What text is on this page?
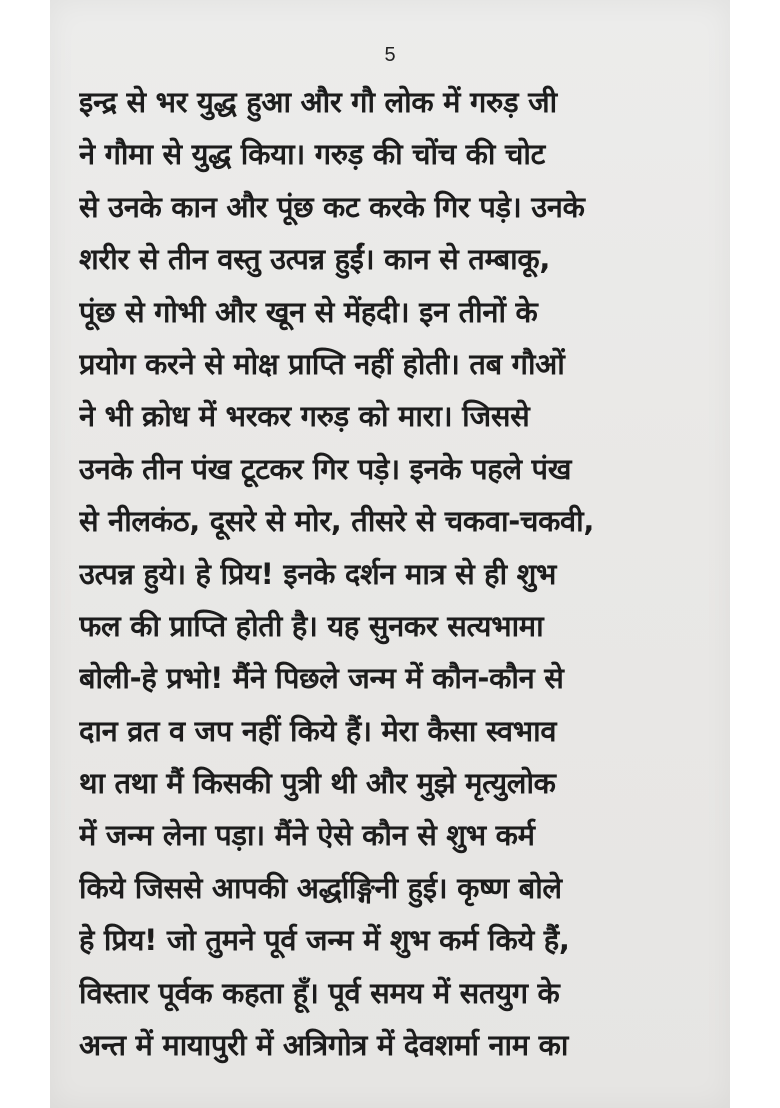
5
इन्द्र से भर युद्ध हुआ और गौ लोक में गरुड़ जी
ने गौमा से युद्ध किया। गरुड़ की चोंच की चोट
से उनके कान और पूंछ कट करके गिर पड़े। उनके
शरीर से तीन वस्तु उत्पन्न हुईं। कान से तम्बाकू,
पूंछ से गोभी और खून से मेंहदी। इन तीनों के
प्रयोग करने से मोक्ष प्राप्ति नहीं होती। तब गौओं
ने भी क्रोध में भरकर गरुड़ को मारा। जिससे
उनके तीन पंख टूटकर गिर पड़े। इनके पहले पंख
से नीलकंठ, दूसरे से मोर, तीसरे से चकवा-चकवी,
उत्पन्न हुये। हे प्रिय! इनके दर्शन मात्र से ही शुभ
फल की प्राप्ति होती है। यह सुनकर सत्यभामा
बोली-हे प्रभो! मैंने पिछले जन्म में कौन-कौन से
दान व्रत व जप नहीं किये हैं। मेरा कैसा स्वभाव
था तथा मैं किसकी पुत्री थी और मुझे मृत्युलोक
में जन्म लेना पड़ा। मैंने ऐसे कौन से शुभ कर्म
किये जिससे आपकी अर्द्धाङ्गिनी हुई। कृष्ण बोले
हे प्रिय! जो तुमने पूर्व जन्म में शुभ कर्म किये हैं,
विस्तार पूर्वक कहता हूँ। पूर्व समय में सतयुग के
अन्त में मायापुरी में अत्रिगोत्र में देवशर्मा नाम का
